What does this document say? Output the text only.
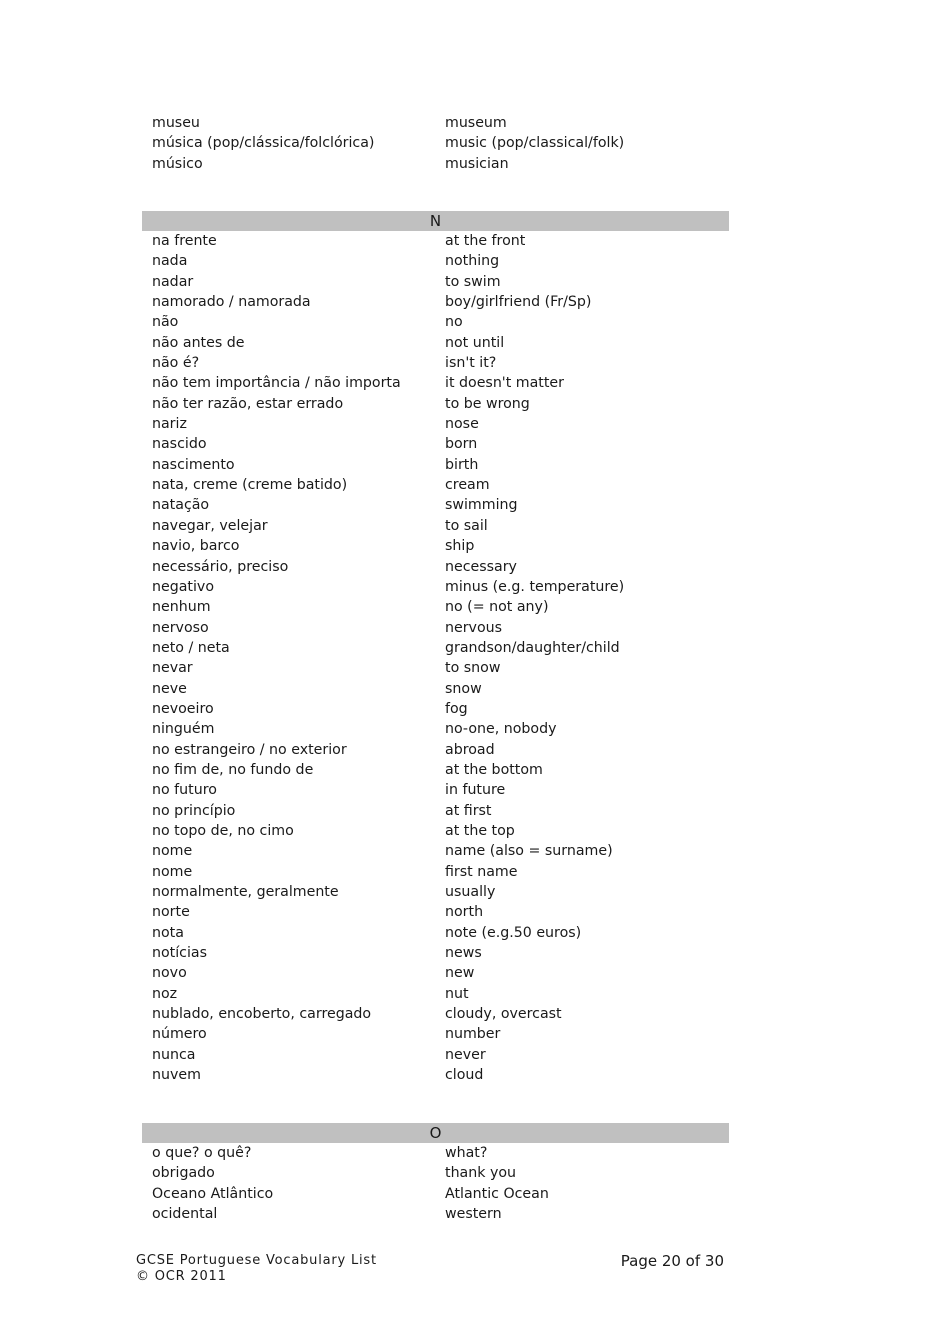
museu	museum
música (pop/clássica/folclórica)	music (pop/classical/folk)
músico	musician
N
na frente	at the front
nada	nothing
nadar	to swim
namorado / namorada	boy/girlfriend (Fr/Sp)
não	no
não antes de	not until
não é?	isn't it?
não tem importância / não importa	it doesn't matter
não ter razão, estar errado	to be wrong
nariz	nose
nascido	born
nascimento	birth
nata, creme (creme batido)	cream
natação	swimming
navegar, velejar	to sail
navio, barco	ship
necessário, preciso	necessary
negativo	minus (e.g. temperature)
nenhum	no (= not any)
nervoso	nervous
neto / neta	grandson/daughter/child
nevar	to snow
neve	snow
nevoeiro	fog
ninguém	no-one, nobody
no estrangeiro / no exterior	abroad
no fim de, no fundo de	at the bottom
no futuro	in future
no princípio	at first
no topo de, no cimo	at the top
nome	name (also = surname)
nome	first name
normalmente, geralmente	usually
norte	north
nota	note (e.g.50 euros)
notícias	news
novo	new
noz	nut
nublado, encoberto, carregado	cloudy, overcast
número	number
nunca	never
nuvem	cloud
O
o que? o quê?	what?
obrigado	thank you
Oceano Atlântico	Atlantic Ocean
ocidental	western
GCSE Portuguese Vocabulary List
© OCR 2011
Page 20 of 30
